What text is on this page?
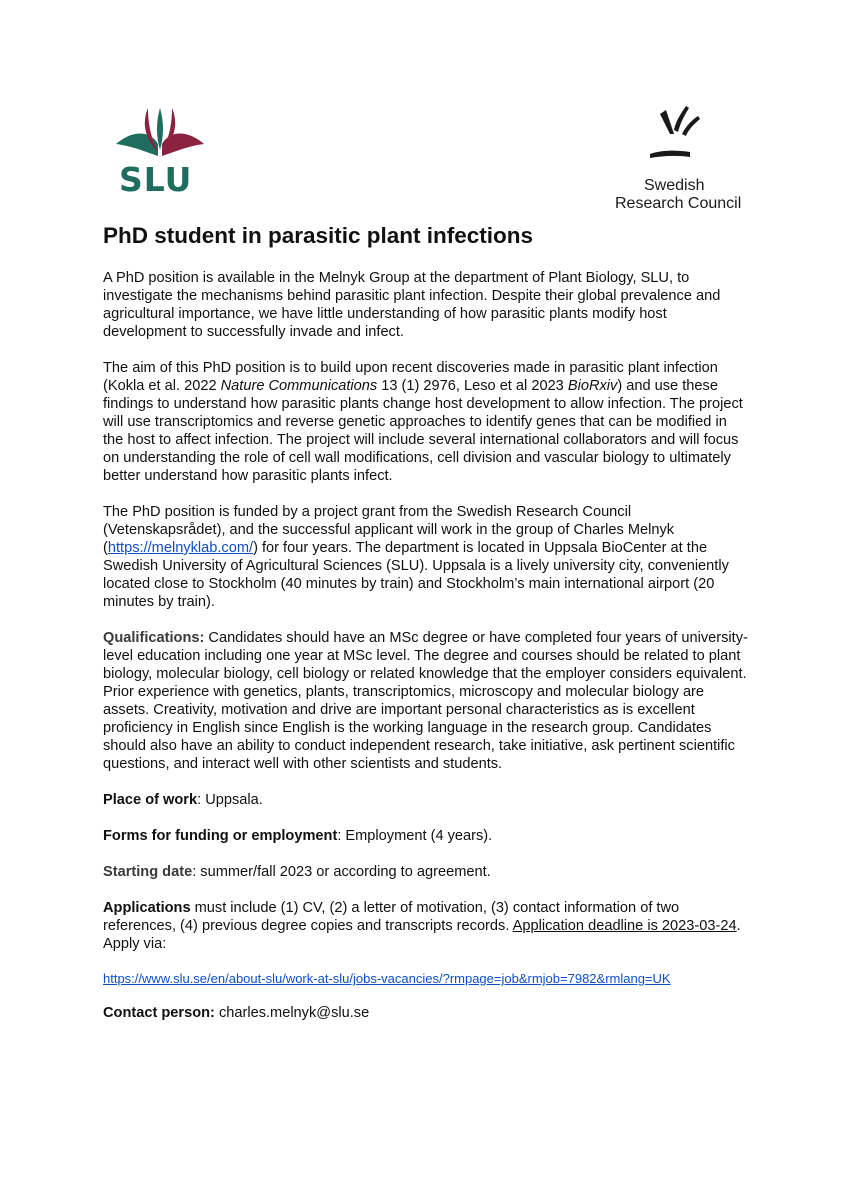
SLU	Swedish
Research Council
PhD student in parasitic plant infections

A PhD position is available in the Melnyk Group at the department of Plant Biology, SLU, to investigate the mechanisms behind parasitic plant infection. Despite their global prevalence and agricultural importance, we have little understanding of how parasitic plants modify host development to successfully invade and infect.

The aim of this PhD position is to build upon recent discoveries made in parasitic plant infection (Kokla et al. 2022 Nature Communications 13 (1) 2976, Leso et al 2023 BioRxiv) and use these findings to understand how parasitic plants change host development to allow infection. The project will use transcriptomics and reverse genetic approaches to identify genes that can be modified in the host to affect infection. The project will include several international collaborators and will focus on understanding the role of cell wall modifications, cell division and vascular biology to ultimately better understand how parasitic plants infect.

The PhD position is funded by a project grant from the Swedish Research Council (Vetenskapsrådet), and the successful applicant will work in the group of Charles Melnyk (https://melnyklab.com/) for four years. The department is located in Uppsala BioCenter at the Swedish University of Agricultural Sciences (SLU). Uppsala is a lively university city, conveniently located close to Stockholm (40 minutes by train) and Stockholm’s main international airport (20 minutes by train).

Qualifications: Candidates should have an MSc degree or have completed four years of university-level education including one year at MSc level. The degree and courses should be related to plant biology, molecular biology, cell biology or related knowledge that the employer considers equivalent. Prior experience with genetics, plants, transcriptomics, microscopy and molecular biology are assets. Creativity, motivation and drive are important personal characteristics as is excellent proficiency in English since English is the working language in the research group. Candidates should also have an ability to conduct independent research, take initiative, ask pertinent scientific questions, and interact well with other scientists and students.

Place of work: Uppsala.

Forms for funding or employment: Employment (4 years).

Starting date: summer/fall 2023 or according to agreement.

Applications must include (1) CV, (2) a letter of motivation, (3) contact information of two references, (4) previous degree copies and transcripts records. Application deadline is 2023-03-24. Apply via:

https://www.slu.se/en/about-slu/work-at-slu/jobs-vacancies/?rmpage=job&rmjob=7982&rmlang=UK

Contact person: charles.melnyk@slu.se
